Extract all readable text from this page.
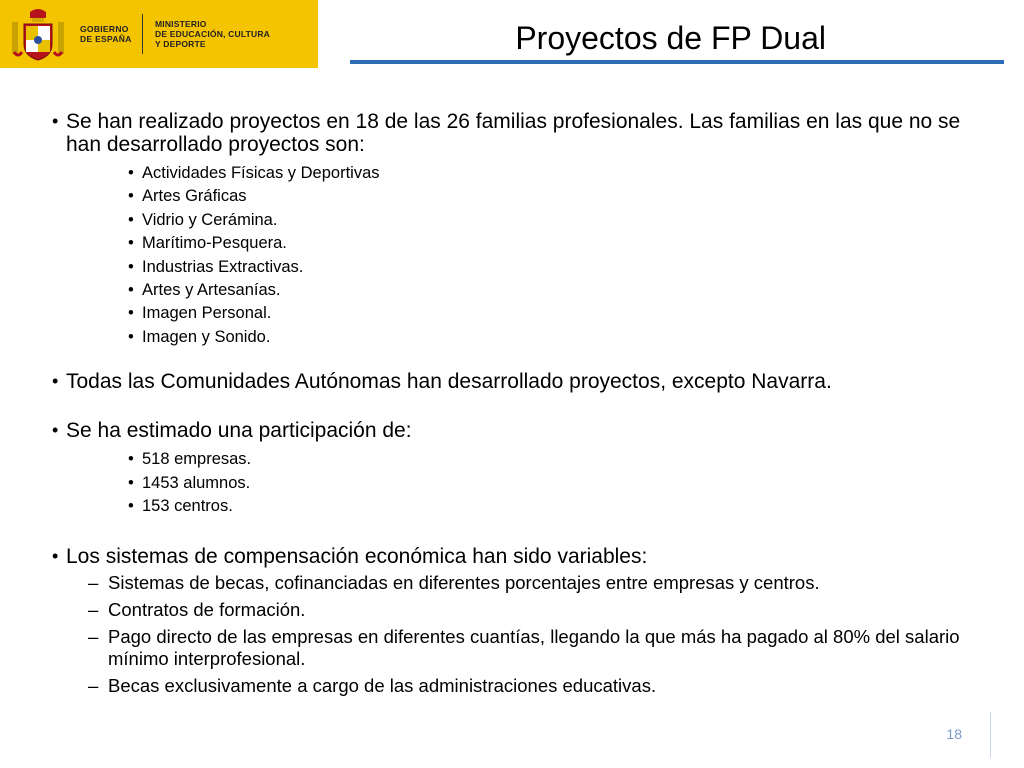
GOBIERNO
DE ESPAÑA
MINISTERIO
DE EDUCACIÓN, CULTURA
Y DEPORTE	Proyectos de FP Dual
• Se han realizado proyectos en 18 de las 26 familias profesionales. Las familias en las que no se han desarrollado proyectos son:
• Actividades Físicas y Deportivas
• Artes Gráficas
• Vidrio y Cerámina.
• Marítimo-Pesquera.
• Industrias Extractivas.
• Artes y Artesanías.
• Imagen Personal.
• Imagen y Sonido.
• Todas las Comunidades Autónomas han desarrollado proyectos, excepto Navarra.
• Se ha estimado una participación de:
• 518 empresas.
• 1453 alumnos.
• 153 centros.
• Los sistemas de compensación económica han sido variables:
– Sistemas de becas, cofinanciadas en diferentes porcentajes entre empresas y centros.
– Contratos de formación.
– Pago directo de las empresas en diferentes cuantías, llegando la que más ha pagado al 80% del salario mínimo interprofesional.
– Becas exclusivamente a cargo de las administraciones educativas.
18
